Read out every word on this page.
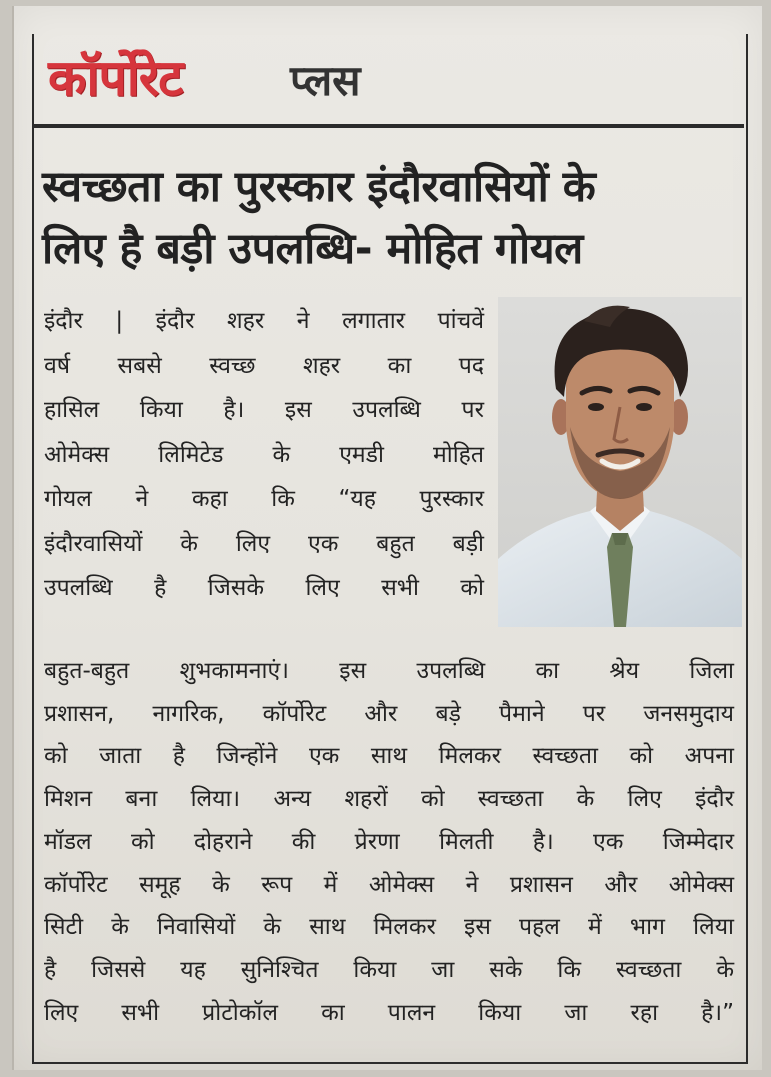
कॉर्पोरेट	प्लस
स्वच्छता का पुरस्कार इंदौरवासियों के
लिए है बड़ी उपलब्धि- मोहित गोयल
इंदौर | इंदौर शहर ने लगातार पांचवें
वर्ष सबसे स्वच्छ शहर का पद
हासिल किया है। इस उपलब्धि पर
ओमेक्स लिमिटेड के एमडी मोहित
गोयल ने कहा कि “यह पुरस्कार
इंदौरवासियों के लिए एक बहुत बड़ी
उपलब्धि है जिसके लिए सभी को
बहुत-बहुत शुभकामनाएं। इस उपलब्धि का श्रेय जिला
प्रशासन, नागरिक, कॉर्पोरेट और बड़े पैमाने पर जनसमुदाय
को जाता है जिन्होंने एक साथ मिलकर स्वच्छता को अपना
मिशन बना लिया। अन्य शहरों को स्वच्छता के लिए इंदौर
मॉडल को दोहराने की प्रेरणा मिलती है। एक जिम्मेदार
कॉर्पोरेट समूह के रूप में ओमेक्स ने प्रशासन और ओमेक्स
सिटी के निवासियों के साथ मिलकर इस पहल में भाग लिया
है जिससे यह सुनिश्चित किया जा सके कि स्वच्छता के
लिए सभी प्रोटोकॉल का पालन किया जा रहा है।”
